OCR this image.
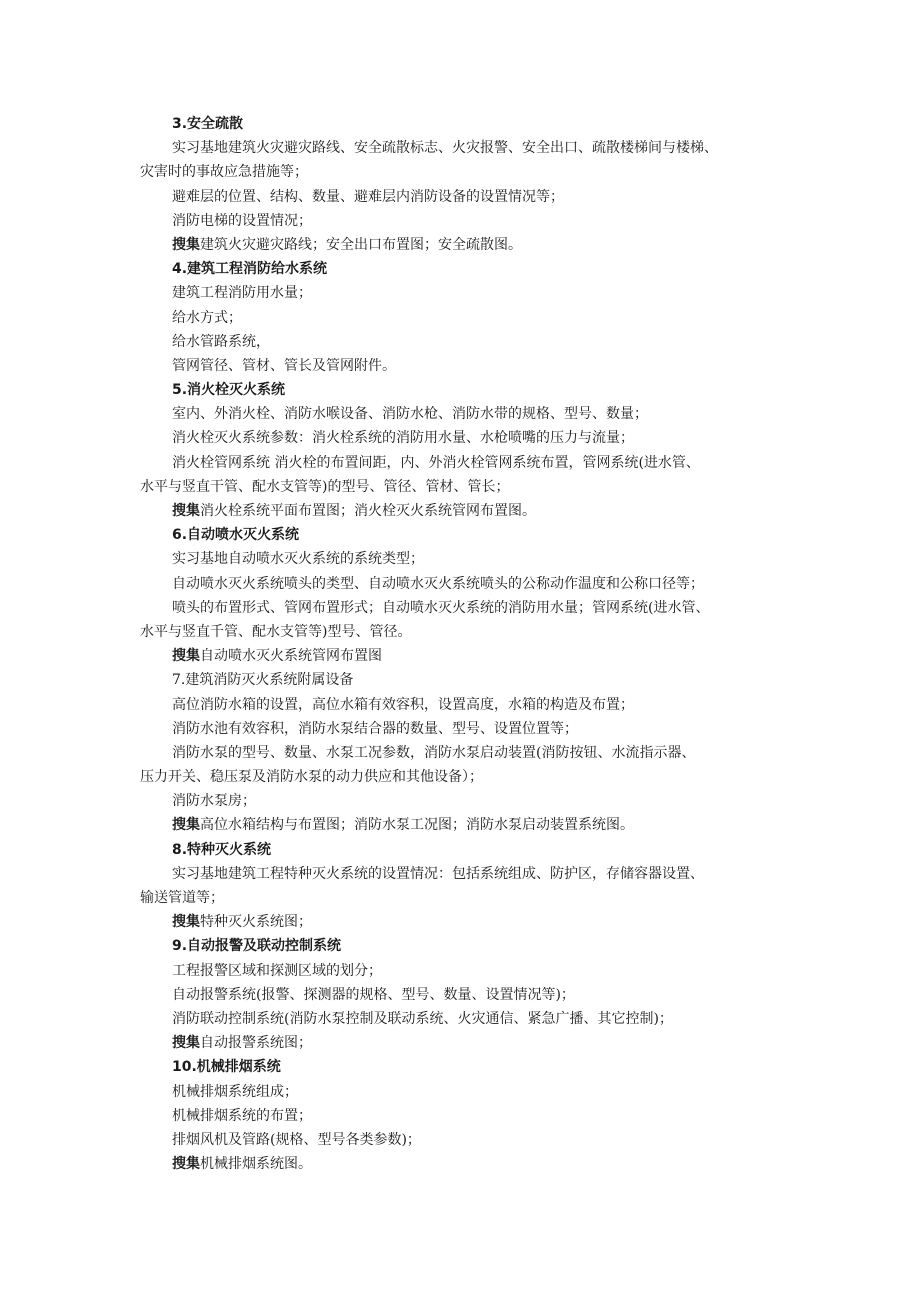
3.安全疏散
实习基地建筑火灾避灾路线、安全疏散标志、火灾报警、安全出口、疏散楼梯间与楼梯、
灾害时的事故应急措施等；
避难层的位置、结构、数量、避难层内消防设备的设置情况等；
消防电梯的设置情况；
搜集建筑火灾避灾路线；安全出口布置图；安全疏散图。
4.建筑工程消防给水系统
建筑工程消防用水量；
给水方式；
给水管路系统，
管网管径、管材、管长及管网附件。
5.消火栓灭火系统
室内、外消火栓、消防水喉设备、消防水枪、消防水带的规格、型号、数量；
消火栓灭火系统参数：消火栓系统的消防用水量、水枪喷嘴的压力与流量；
消火栓管网系统 消火栓的布置间距，内、外消火栓管网系统布置，管网系统(进水管、
水平与竖直干管、配水支管等)的型号、管径、管材、管长；
搜集消火栓系统平面布置图；消火栓灭火系统管网布置图。
6.自动喷水灭火系统
实习基地自动喷水灭火系统的系统类型；
自动喷水灭火系统喷头的类型、自动喷水灭火系统喷头的公称动作温度和公称口径等；
喷头的布置形式、管网布置形式；自动喷水灭火系统的消防用水量；管网系统(进水管、
水平与竖直千管、配水支管等)型号、管径。
搜集自动喷水灭火系统管网布置图
7.建筑消防灭火系统附属设备
高位消防水箱的设置，高位水箱有效容积，设置高度，水箱的构造及布置；
消防水池有效容积，消防水泵结合器的数量、型号、设置位置等；
消防水泵的型号、数量、水泵工况参数，消防水泵启动装置(消防按钮、水流指示器、
压力开关、稳压泵及消防水泵的动力供应和其他设备）；
消防水泵房；
搜集高位水箱结构与布置图；消防水泵工况图；消防水泵启动装置系统图。
8.特种灭火系统
实习基地建筑工程特种灭火系统的设置情况：包括系统组成、防护区，存储容器设置、
输送管道等；
搜集特种灭火系统图；
9.自动报警及联动控制系统
工程报警区域和探测区域的划分；
自动报警系统(报警、探测器的规格、型号、数量、设置情况等)；
消防联动控制系统(消防水泵控制及联动系统、火灾通信、紧急广播、其它控制)；
搜集自动报警系统图；
10.机械排烟系统
机械排烟系统组成；
机械排烟系统的布置；
排烟风机及管路(规格、型号各类参数)；
搜集机械排烟系统图。
